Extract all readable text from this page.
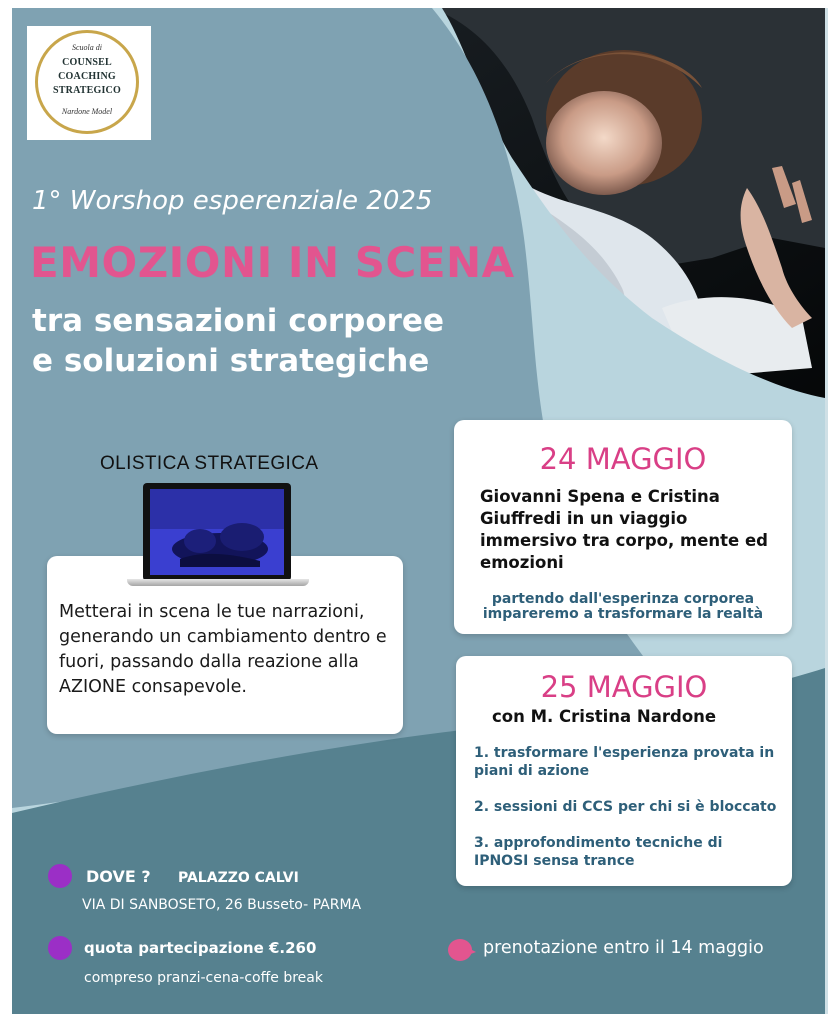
Scuola di
COUNSEL
COACHING
STRATEGICO
Nardone Model
1° Worshop esperenziale 2025
EMOZIONI IN SCENA
tra sensazioni corporee
e soluzioni strategiche
OLISTICA STRATEGICA
Metterai in scena le tue narrazioni, generando un cambiamento dentro e fuori, passando dalla reazione alla AZIONE consapevole.
24 MAGGIO
Giovanni Spena e Cristina Giuffredi in un viaggio immersivo tra corpo, mente ed emozioni
partendo dall'esperinza corporea
impareremo a trasformare la realtà
25 MAGGIO
con M. Cristina Nardone
1. trasformare l'esperienza provata in piani di azione
2. sessioni di CCS per chi si è bloccato
3. approfondimento tecniche di IPNOSI sensa trance
DOVE ? PALAZZO CALVI
VIA DI SANBOSETO, 26 Busseto- PARMA
quota partecipazione €.260
compreso pranzi-cena-coffe break
prenotazione entro il 14 maggio
